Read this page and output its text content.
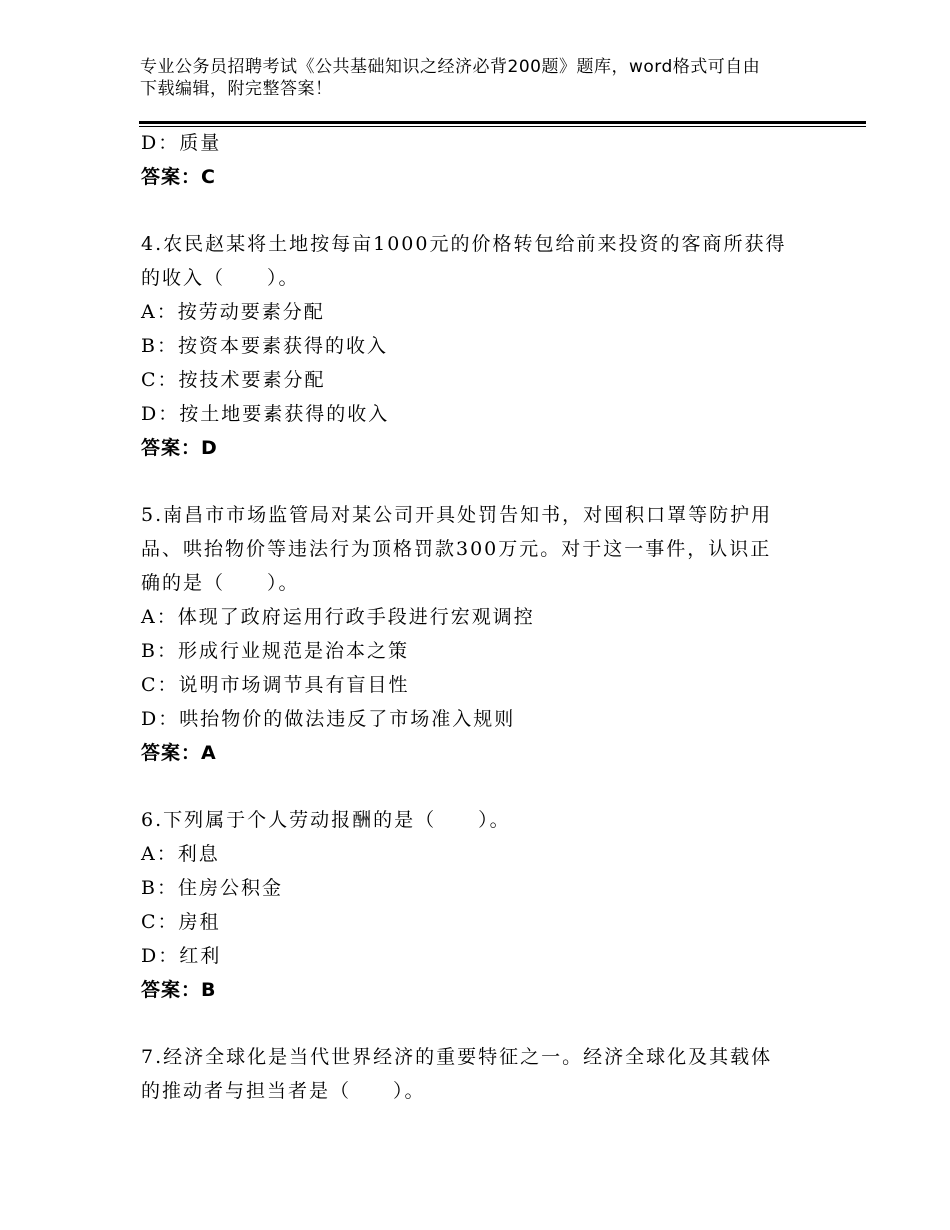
专业公务员招聘考试《公共基础知识之经济必背200题》题库，word格式可自由
下载编辑，附完整答案！
D：质量
答案：C
4.农民赵某将土地按每亩1000元的价格转包给前来投资的客商所获得
的收入（　　）。
A：按劳动要素分配
B：按资本要素获得的收入
C：按技术要素分配
D：按土地要素获得的收入
答案：D
5.南昌市市场监管局对某公司开具处罚告知书，对囤积口罩等防护用
品、哄抬物价等违法行为顶格罚款300万元。对于这一事件，认识正
确的是（　　）。
A：体现了政府运用行政手段进行宏观调控
B：形成行业规范是治本之策
C：说明市场调节具有盲目性
D：哄抬物价的做法违反了市场准入规则
答案：A
6.下列属于个人劳动报酬的是（　　）。
A：利息
B：住房公积金
C：房租
D：红利
答案：B
7.经济全球化是当代世界经济的重要特征之一。经济全球化及其载体
的推动者与担当者是（　　）。
